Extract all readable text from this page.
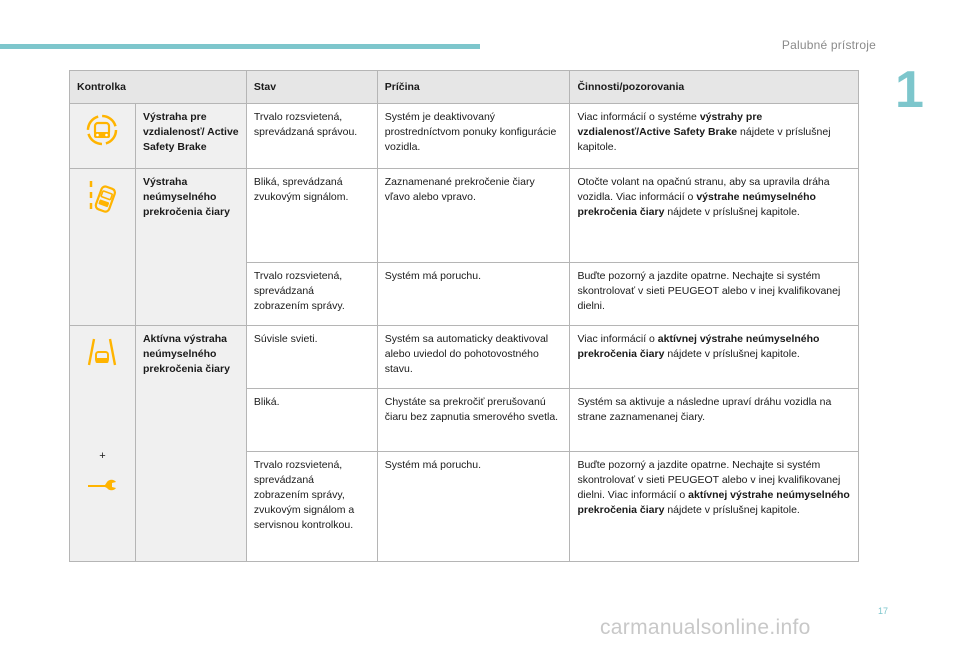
Palubné prístroje
1
Kontrolka		Stav	Príčina	Činnosti/pozorovania
	Výstraha pre vzdialenosť/ Active Safety Brake	Trvalo rozsvietená, sprevádzaná správou.	Systém je deaktivovaný prostredníctvom ponuky konfigurácie vozidla.	Viac informácií o systéme výstrahy pre vzdialenosť/Active Safety Brake nájdete v príslušnej kapitole.
	Výstraha neúmyselného prekročenia čiary	Bliká, sprevádzaná zvukovým signálom.	Zaznamenané prekročenie čiary vľavo alebo vpravo.	Otočte volant na opačnú stranu, aby sa upravila dráha vozidla. Viac informácií o výstrahe neúmyselného prekročenia čiary nájdete v príslušnej kapitole.
		Trvalo rozsvietená, sprevádzaná zobrazením správy.	Systém má poruchu.	Buďte pozorný a jazdite opatrne. Nechajte si systém skontrolovať v sieti PEUGEOT alebo v inej kvalifikovanej dielni.

+	Aktívna výstraha neúmyselného prekročenia čiary	Súvisle svieti.	Systém sa automaticky deaktivoval alebo uviedol do pohotovostného stavu.	Viac informácií o aktívnej výstrahe neúmyselného prekročenia čiary nájdete v príslušnej kapitole.
		Bliká.	Chystáte sa prekročiť prerušovanú čiaru bez zapnutia smerového svetla.	Systém sa aktivuje a následne upraví dráhu vozidla na strane zaznamenanej čiary.
		Trvalo rozsvietená, sprevádzaná zobrazením správy, zvukovým signálom a servisnou kontrolkou.	Systém má poruchu.	Buďte pozorný a jazdite opatrne. Nechajte si systém skontrolovať v sieti PEUGEOT alebo v inej kvalifikovanej dielni. Viac informácií o aktívnej výstrahe neúmyselného prekročenia čiary nájdete v príslušnej kapitole.
17
carmanualsonline.info
